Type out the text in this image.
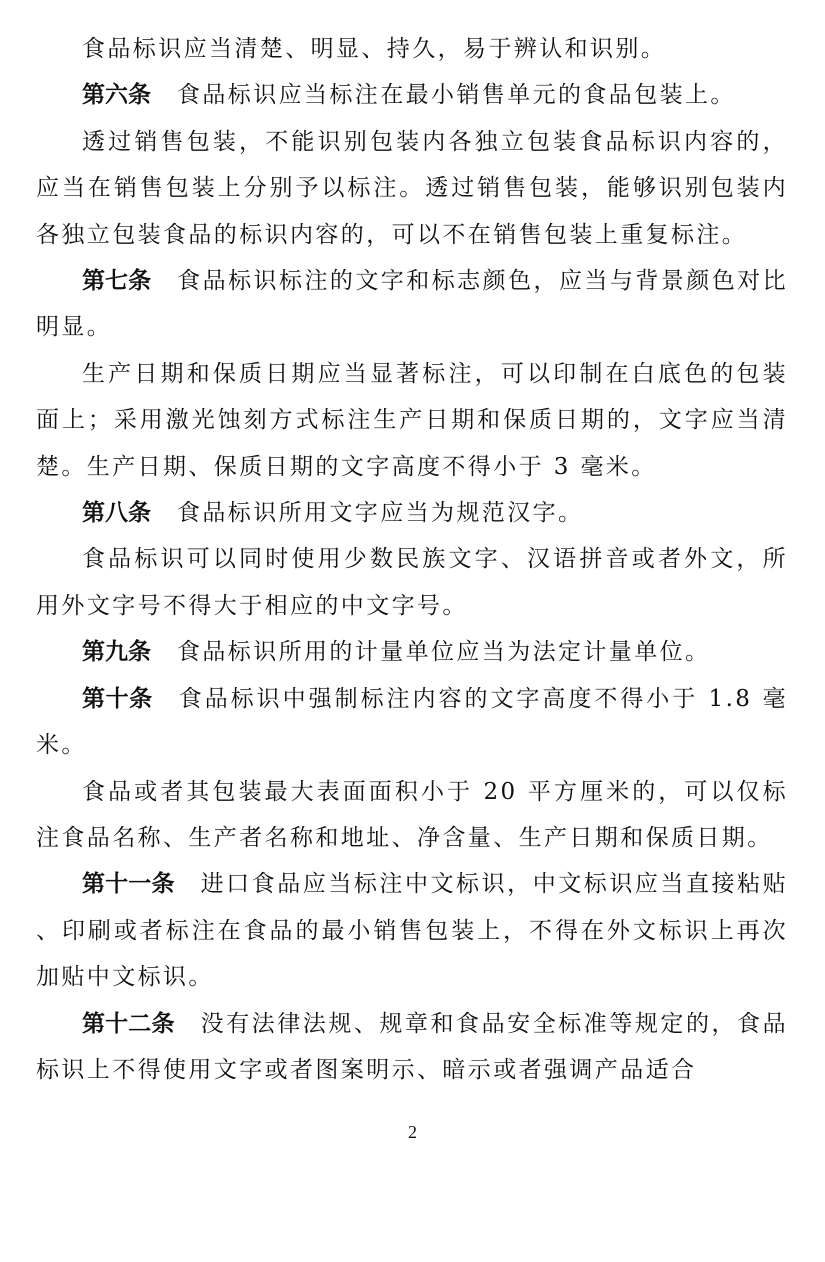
食品标识应当清楚、明显、持久，易于辨认和识别。

第六条 食品标识应当标注在最小销售单元的食品包装上。

透过销售包装，不能识别包装内各独立包装食品标识内容的，应当在销售包装上分别予以标注。透过销售包装，能够识别包装内各独立包装食品的标识内容的，可以不在销售包装上重复标注。

第七条 食品标识标注的文字和标志颜色，应当与背景颜色对比明显。

生产日期和保质日期应当显著标注，可以印制在白底色的包装面上；采用激光蚀刻方式标注生产日期和保质日期的，文字应当清楚。生产日期、保质日期的文字高度不得小于 3 毫米。

第八条 食品标识所用文字应当为规范汉字。

食品标识可以同时使用少数民族文字、汉语拼音或者外文，所用外文字号不得大于相应的中文字号。

第九条 食品标识所用的计量单位应当为法定计量单位。

第十条 食品标识中强制标注内容的文字高度不得小于 1.8 毫米。

食品或者其包装最大表面面积小于 20 平方厘米的，可以仅标注食品名称、生产者名称和地址、净含量、生产日期和保质日期。

第十一条 进口食品应当标注中文标识，中文标识应当直接粘贴、印刷或者标注在食品的最小销售包装上，不得在外文标识上再次加贴中文标识。

第十二条 没有法律法规、规章和食品安全标准等规定的，食品标识上不得使用文字或者图案明示、暗示或者强调产品适合

2
